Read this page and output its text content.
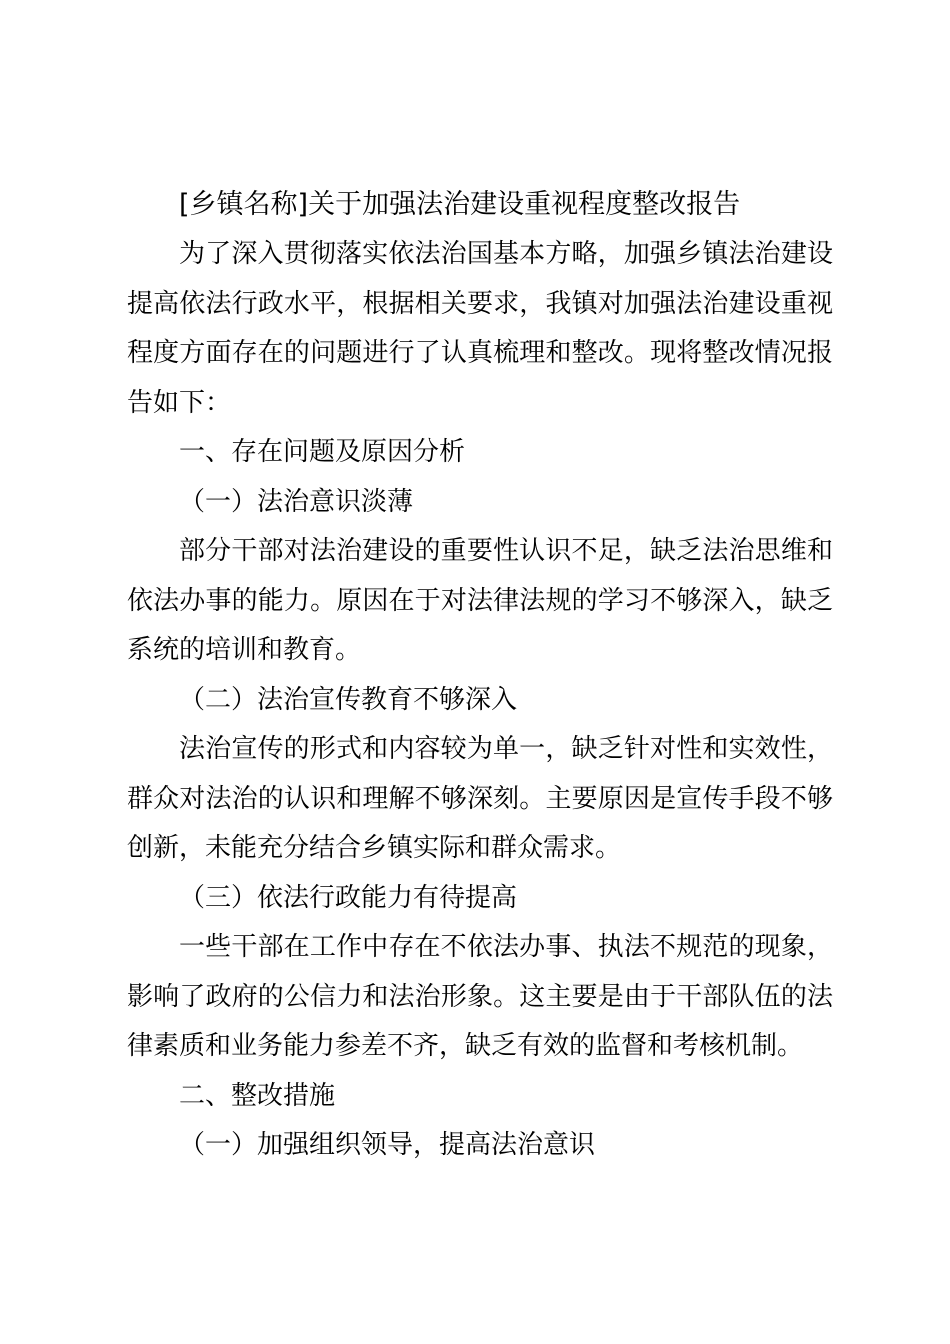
[乡镇名称]关于加强法治建设重视程度整改报告

为了深入贯彻落实依法治国基本方略，加强乡镇法治建设提高依法行政水平，根据相关要求，我镇对加强法治建设重视程度方面存在的问题进行了认真梳理和整改。现将整改情况报告如下：

一、存在问题及原因分析

（一）法治意识淡薄

部分干部对法治建设的重要性认识不足，缺乏法治思维和依法办事的能力。原因在于对法律法规的学习不够深入，缺乏系统的培训和教育。

（二）法治宣传教育不够深入

法治宣传的形式和内容较为单一，缺乏针对性和实效性，群众对法治的认识和理解不够深刻。主要原因是宣传手段不够创新，未能充分结合乡镇实际和群众需求。

（三）依法行政能力有待提高

一些干部在工作中存在不依法办事、执法不规范的现象，影响了政府的公信力和法治形象。这主要是由于干部队伍的法律素质和业务能力参差不齐，缺乏有效的监督和考核机制。

二、整改措施

（一）加强组织领导，提高法治意识
